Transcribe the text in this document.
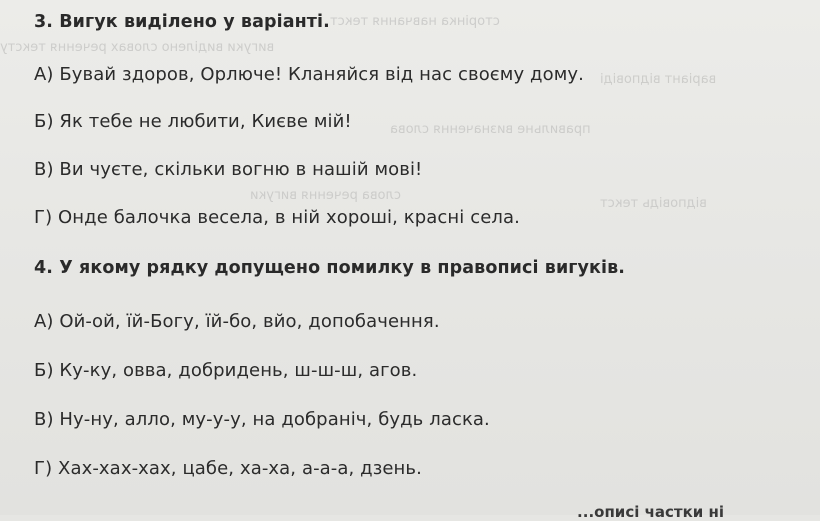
сторінка навчання текст
вигуки виділено словах речення тексту
варіант відповіді
правильне визначення слова
слова речення вигуки
відповідь текст
3. Вигук виділено у варіанті.
А) Бувай здоров, Орлюче! Кланяйся від нас своєму дому.
Б) Як тебе не любити, Києве мій!
В) Ви чуєте, скільки вогню в нашій мові!
Г) Онде балочка весела, в ній хороші, красні села.
4. У якому рядку допущено помилку в правописі вигуків.
А) Ой-ой, їй-Богу, їй-бо, вйо, допобачення.
Б) Ку-ку, овва, добридень, ш-ш-ш, агов.
В) Ну-ну, алло, му-у-у, на добраніч, будь ласка.
Г) Хах-хах-хах, цабе, ха-ха, а-а-а, дзень.
...описі частки ні
